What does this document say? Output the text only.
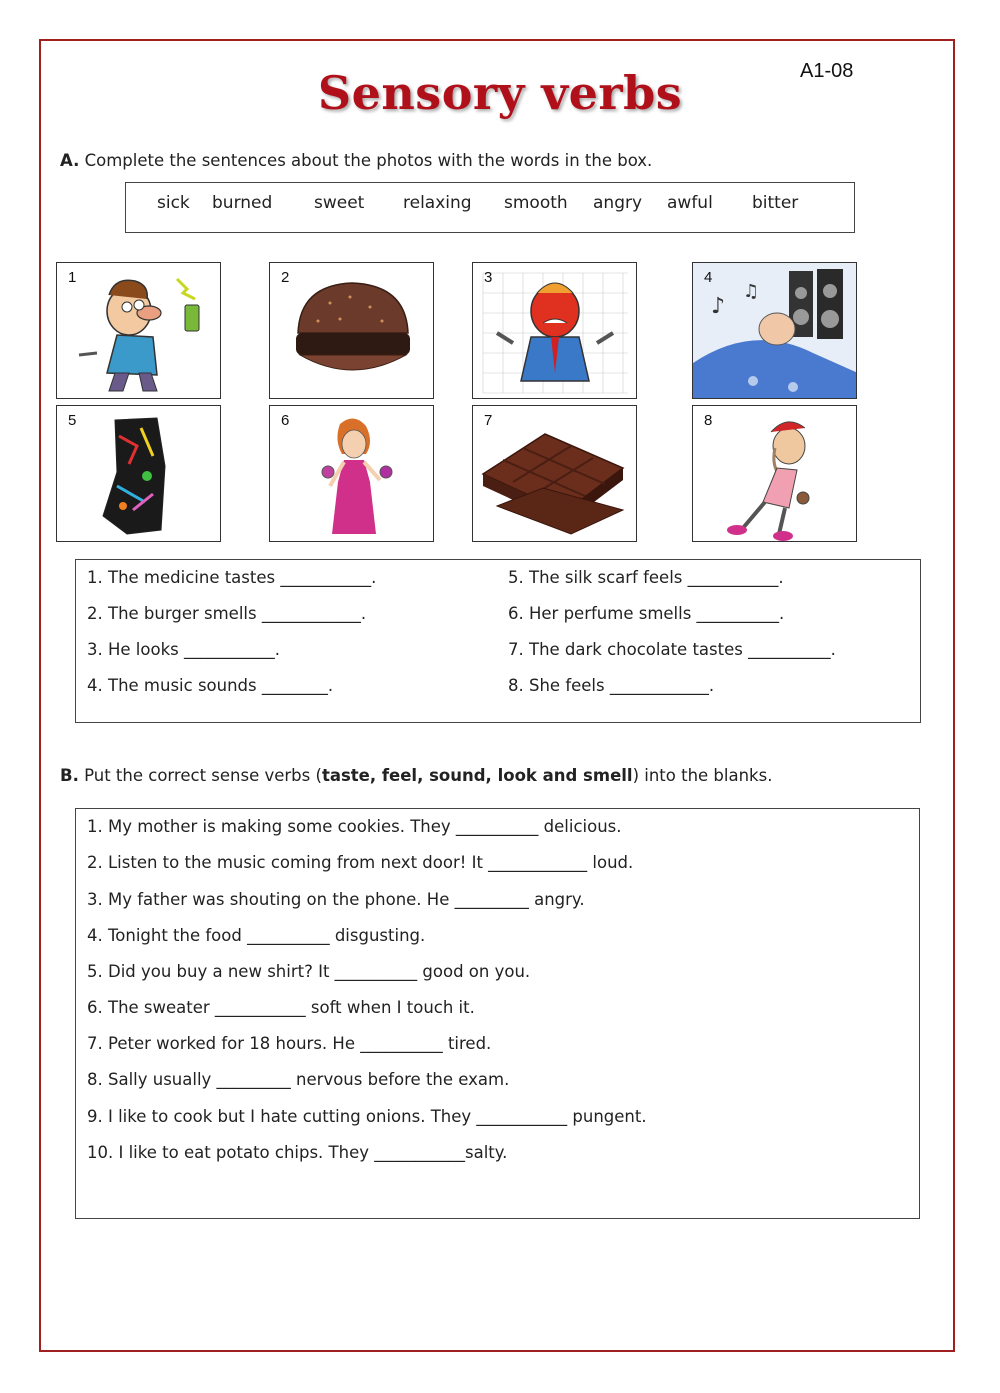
Sensory verbs	A1-08
A. Complete the sentences about the photos with the words in the box.
sick burned sweet relaxing smooth angry awful bitter
1	2	3
♪
♫
4
5	6	7	8
1. The medicine tastes ___________.
2. The burger smells ____________.
3. He looks ___________.
4. The music sounds ________.
5. The silk scarf feels ___________.
6. Her perfume smells __________.
7. The dark chocolate tastes __________.
8. She feels ____________.
B. Put the correct sense verbs (taste, feel, sound, look and smell) into the blanks.
1. My mother is making some cookies. They __________ delicious.
2. Listen to the music coming from next door! It ____________ loud.
3. My father was shouting on the phone. He _________ angry.
4. Tonight the food __________ disgusting.
5. Did you buy a new shirt? It __________ good on you.
6. The sweater ___________ soft when I touch it.
7. Peter worked for 18 hours. He __________ tired.
8. Sally usually _________ nervous before the exam.
9. I like to cook but I hate cutting onions. They ___________ pungent.
10. I like to eat potato chips. They ___________salty.
